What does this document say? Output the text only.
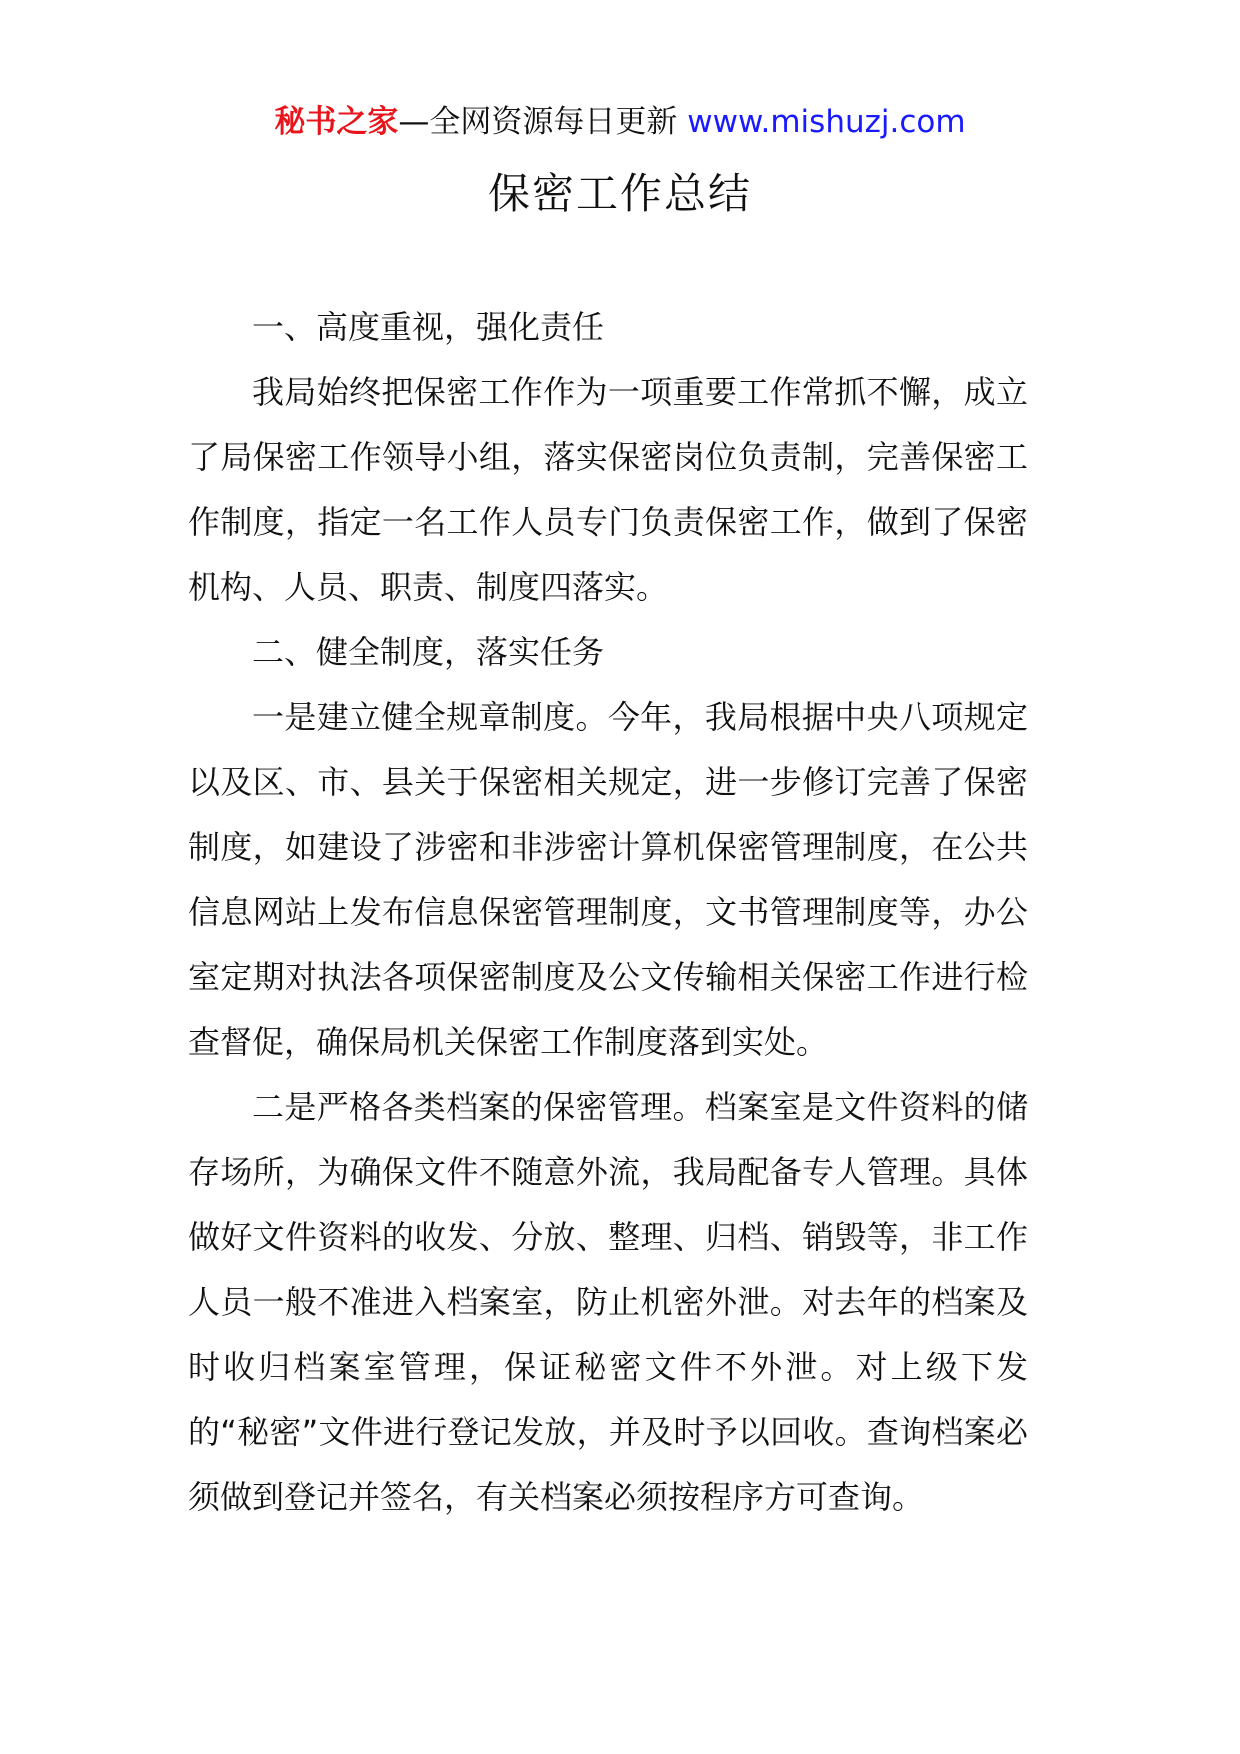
秘书之家—全网资源每日更新 www.mishuzj.com
保密工作总结

一、高度重视，强化责任

我局始终把保密工作作为一项重要工作常抓不懈，成立了局保密工作领导小组，落实保密岗位负责制，完善保密工作制度，指定一名工作人员专门负责保密工作，做到了保密机构、人员、职责、制度四落实。

二、健全制度，落实任务

一是建立健全规章制度。今年，我局根据中央八项规定以及区、市、县关于保密相关规定，进一步修订完善了保密制度，如建设了涉密和非涉密计算机保密管理制度，在公共信息网站上发布信息保密管理制度，文书管理制度等，办公室定期对执法各项保密制度及公文传输相关保密工作进行检查督促，确保局机关保密工作制度落到实处。

二是严格各类档案的保密管理。档案室是文件资料的储存场所，为确保文件不随意外流，我局配备专人管理。具体做好文件资料的收发、分放、整理、归档、销毁等，非工作人员一般不准进入档案室，防止机密外泄。对去年的档案及时收归档案室管理，保证秘密文件不外泄。对上级下发的“秘密”文件进行登记发放，并及时予以回收。查询档案必须做到登记并签名，有关档案必须按程序方可查询。
